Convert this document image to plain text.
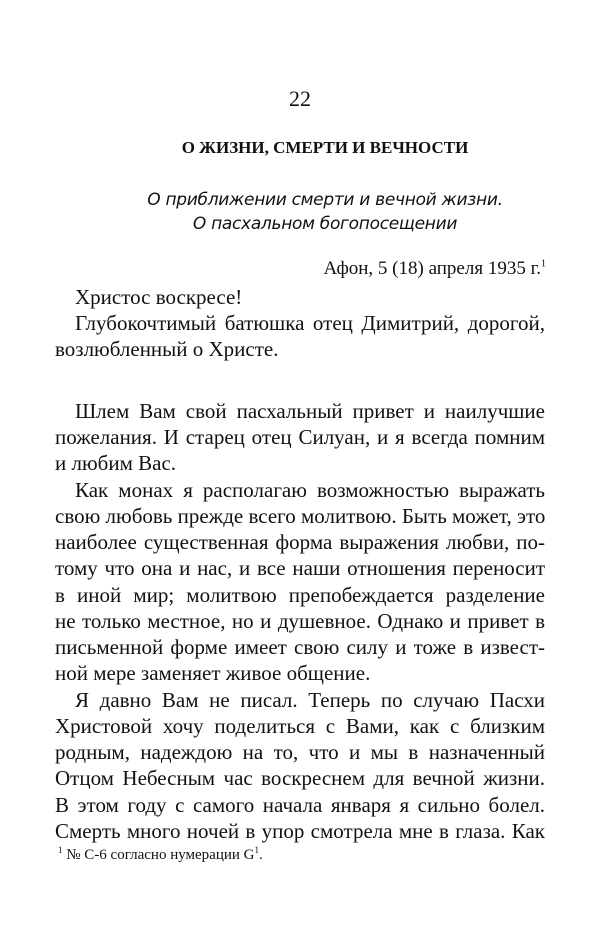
22
О ЖИЗНИ, СМЕРТИ И ВЕЧНОСТИ
О приближении смерти и вечной жизни.
О пасхальном богопосещении
Афон, 5 (18) апреля 1935 г.$^1$
Христос воскресе!
Глубокочтимый батюшка отец Димитрий, дорогой,
возлюбленный о Христе.
Шлем Вам свой пасхальный привет и наилучшие
пожелания. И старец отец Силуан, и я всегда помним
и любим Вас.
Как монах я располагаю возможностью выражать
свою любовь прежде всего молитвою. Быть может, это
наиболее существенная форма выражения любви, по-
тому что она и нас, и все наши отношения переносит
в иной мир; молитвою препобеждается разделение
не только местное, но и душевное. Однако и привет в
письменной форме имеет свою силу и тоже в извест-
ной мере заменяет живое общение.
Я давно Вам не писал. Теперь по случаю Пасхи
Христовой хочу поделиться с Вами, как с близким
родным, надеждою на то, что и мы в назначенный
Отцом Небесным час воскреснем для вечной жизни.
В этом году с самого начала января я сильно болел.
Смерть много ночей в упор смотрела мне в глаза. Как
$^1$ № С-6 согласно нумерации $G^1$.
